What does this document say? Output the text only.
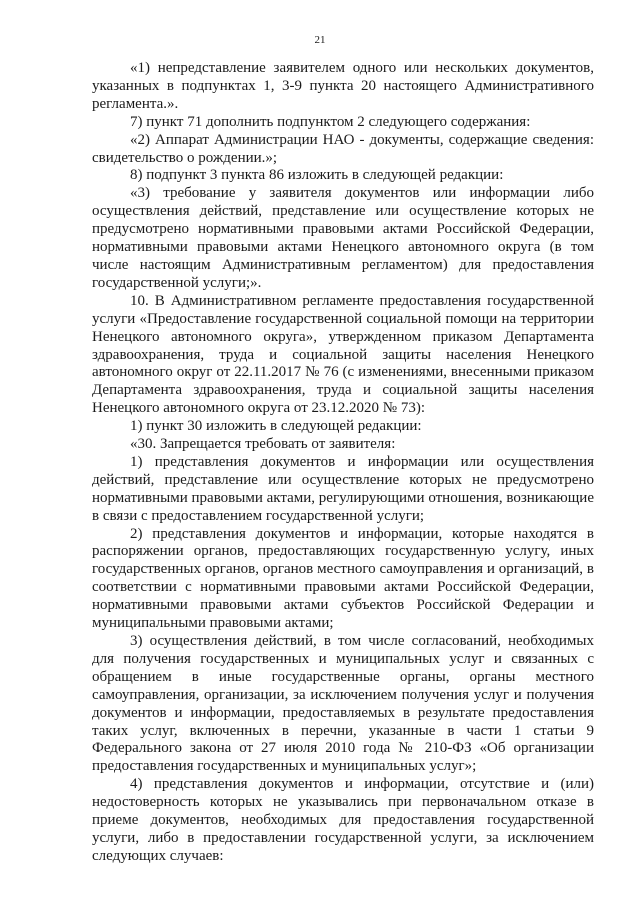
21

«1) непредставление заявителем одного или нескольких документов, указанных в подпунктах 1, 3-9 пункта 20 настоящего Административного регламента.».

7) пункт 71 дополнить подпунктом 2 следующего содержания:

«2) Аппарат Администрации НАО - документы, содержащие сведения: свидетельство о рождении.»;

8) подпункт 3 пункта 86 изложить в следующей редакции:

«3) требование у заявителя документов или информации либо осуществления действий, представление или осуществление которых не предусмотрено нормативными правовыми актами Российской Федерации, нормативными правовыми актами Ненецкого автономного округа (в том числе настоящим Административным регламентом) для предоставления государственной услуги;».

10. В Административном регламенте предоставления государственной услуги «Предоставление государственной социальной помощи на территории Ненецкого автономного округа», утвержденном приказом Департамента здравоохранения, труда и социальной защиты населения Ненецкого автономного округ от 22.11.2017 № 76 (с изменениями, внесенными приказом Департамента здравоохранения, труда и социальной защиты населения Ненецкого автономного округа от 23.12.2020 № 73):

1) пункт 30 изложить в следующей редакции:

«30. Запрещается требовать от заявителя:

1) представления документов и информации или осуществления действий, представление или осуществление которых не предусмотрено нормативными правовыми актами, регулирующими отношения, возникающие в связи с предоставлением государственной услуги;

2) представления документов и информации, которые находятся в распоряжении органов, предоставляющих государственную услугу, иных государственных органов, органов местного самоуправления и организаций, в соответствии с нормативными правовыми актами Российской Федерации, нормативными правовыми актами субъектов Российской Федерации и муниципальными правовыми актами;

3) осуществления действий, в том числе согласований, необходимых для получения государственных и муниципальных услуг и связанных с обращением в иные государственные органы, органы местного самоуправления, организации, за исключением получения услуг и получения документов и информации, предоставляемых в результате предоставления таких услуг, включенных в перечни, указанные в части 1 статьи 9 Федерального закона от 27 июля 2010 года № 210-ФЗ «Об организации предоставления государственных и муниципальных услуг»;

4) представления документов и информации, отсутствие и (или) недостоверность которых не указывались при первоначальном отказе в приеме документов, необходимых для предоставления государственной услуги, либо в предоставлении государственной услуги, за исключением следующих случаев:
